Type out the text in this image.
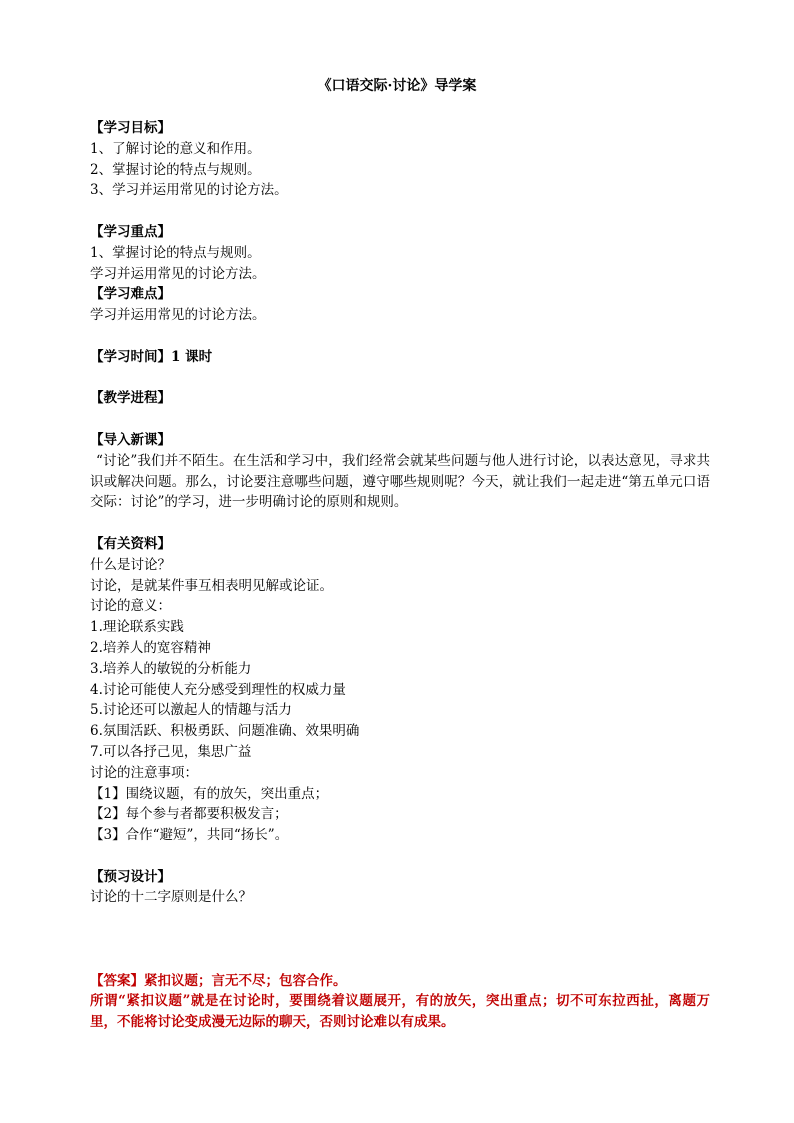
《口语交际·讨论》导学案

【学习目标】

1、了解讨论的意义和作用。

2、掌握讨论的特点与规则。

3、学习并运用常见的讨论方法。

【学习重点】

1、掌握讨论的特点与规则。

学习并运用常见的讨论方法。

【学习难点】

学习并运用常见的讨论方法。

【学习时间】1 课时

【教学进程】

【导入新课】

“讨论”我们并不陌生。在生活和学习中，我们经常会就某些问题与他人进行讨论，以表达意见，寻求共识或解决问题。那么，讨论要注意哪些问题，遵守哪些规则呢？今天，就让我们一起走进“第五单元口语交际：讨论”的学习，进一步明确讨论的原则和规则。

【有关资料】

什么是讨论？

讨论，是就某件事互相表明见解或论证。

讨论的意义：

1.理论联系实践

2.培养人的宽容精神

3.培养人的敏锐的分析能力

4.讨论可能使人充分感受到理性的权威力量

5.讨论还可以激起人的情趣与活力

6.氛围活跃、积极勇跃、问题准确、效果明确

7.可以各抒己见，集思广益

讨论的注意事项：

【1】围绕议题，有的放矢，突出重点；

【2】每个参与者都要积极发言；

【3】合作“避短”，共同“扬长”。

【预习设计】

讨论的十二字原则是什么？

【答案】紧扣议题；言无不尽；包容合作。

所谓“紧扣议题”就是在讨论时，要围绕着议题展开，有的放矢，突出重点；切不可东拉西扯，离题万里，不能将讨论变成漫无边际的聊天，否则讨论难以有成果。
